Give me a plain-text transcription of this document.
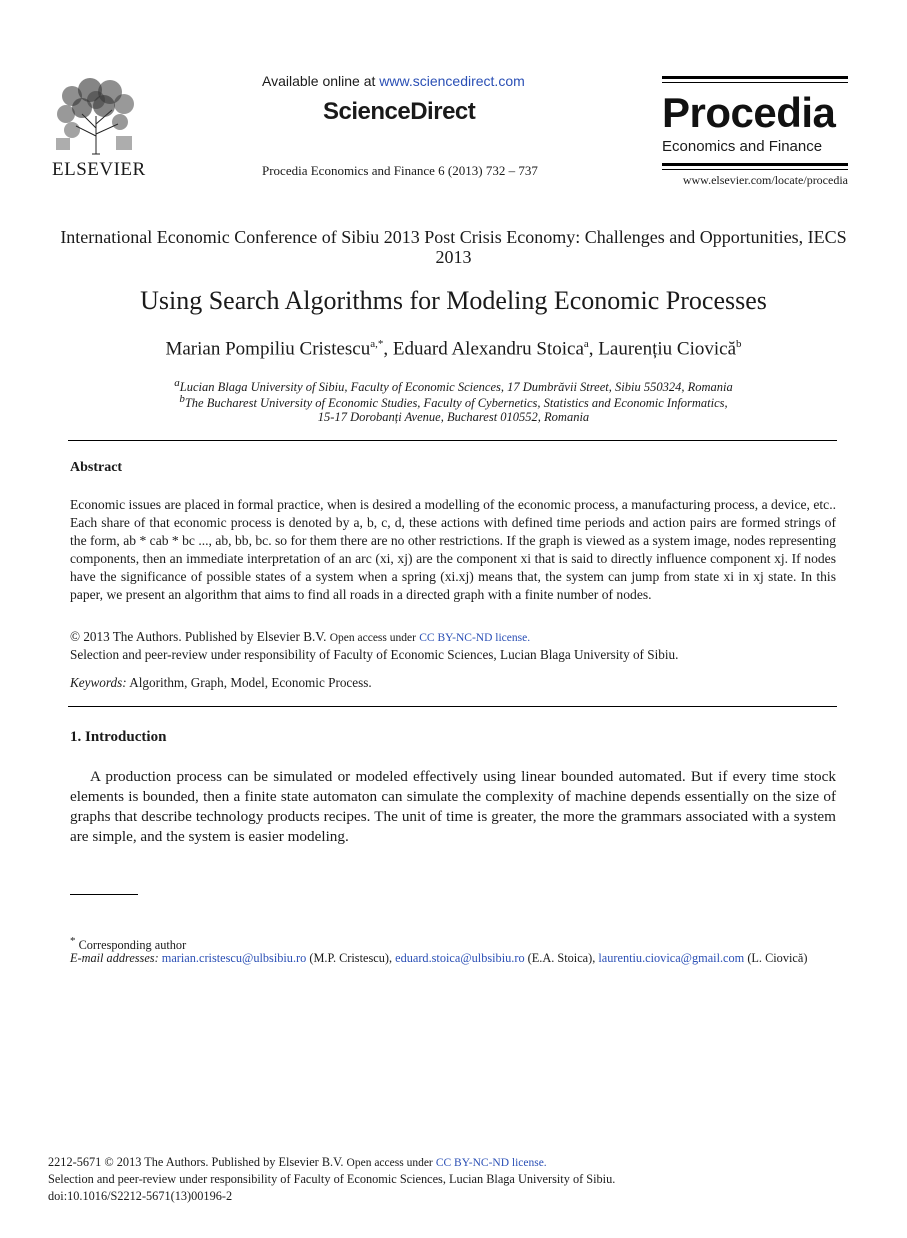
ELSEVIER
Available online at www.sciencedirect.com
ScienceDirect
Procedia Economics and Finance 6 (2013) 732 – 737
Procedia
Economics and Finance
www.elsevier.com/locate/procedia
International Economic Conference of Sibiu 2013 Post Crisis Economy: Challenges and Opportunities, IECS 2013
Using Search Algorithms for Modeling Economic Processes
Marian Pompiliu Cristescu$^{a,*}$, Eduard Alexandru Stoica$^a$, Laurențiu Ciovică$^b$
$^a$Lucian Blaga University of Sibiu, Faculty of Economic Sciences, 17 Dumbrăvii Street, Sibiu 550324, Romania
$^b$The Bucharest University of Economic Studies, Faculty of Cybernetics, Statistics and Economic Informatics,
15-17 Dorobanți Avenue, Bucharest 010552, Romania
Abstract
Economic issues are placed in formal practice, when is desired a modelling of the economic process, a manufacturing process, a device, etc.. Each share of that economic process is denoted by a, b, c, d, these actions with defined time periods and action pairs are formed strings of the form, ab * cab * bc ..., ab, bb, bc. so for them there are no other restrictions. If the graph is viewed as a system image, nodes representing components, then an immediate interpretation of an arc (xi, xj) are the component xi that is said to directly influence component xj. If nodes have the significance of possible states of a system when a spring (xi.xj) means that, the system can jump from state xi in xj state. In this paper, we present an algorithm that aims to find all roads in a directed graph with a finite number of nodes.
© 2013 The Authors. Published by Elsevier B.V. Open access under CC BY-NC-ND license.
Selection and peer-review under responsibility of Faculty of Economic Sciences, Lucian Blaga University of Sibiu.
Keywords: Algorithm, Graph, Model, Economic Process.
1. Introduction
A production process can be simulated or modeled effectively using linear bounded automated. But if every time stock elements is bounded, then a finite state automaton can simulate the complexity of machine depends essentially on the size of graphs that describe technology products recipes. The unit of time is greater, the more the grammars associated with a system are simple, and the system is easier modeling.
* Corresponding author
E-mail addresses: marian.cristescu@ulbsibiu.ro (M.P. Cristescu), eduard.stoica@ulbsibiu.ro (E.A. Stoica), laurentiu.ciovica@gmail.com (L. Ciovică)
2212-5671 © 2013 The Authors. Published by Elsevier B.V. Open access under CC BY-NC-ND license.
Selection and peer-review under responsibility of Faculty of Economic Sciences, Lucian Blaga University of Sibiu.
doi:10.1016/S2212-5671(13)00196-2
